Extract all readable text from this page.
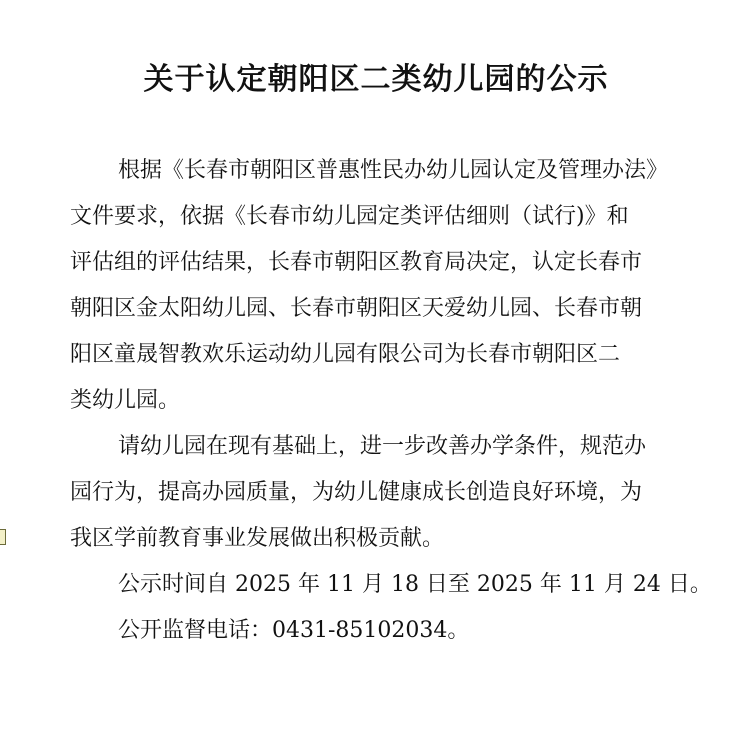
关于认定朝阳区二类幼儿园的公示
根据《长春市朝阳区普惠性民办幼儿园认定及管理办法》
文件要求，依据《长春市幼儿园定类评估细则（试行)》和
评估组的评估结果，长春市朝阳区教育局决定，认定长春市
朝阳区金太阳幼儿园、长春市朝阳区天爱幼儿园、长春市朝
阳区童晟智教欢乐运动幼儿园有限公司为长春市朝阳区二
类幼儿园。
请幼儿园在现有基础上，进一步改善办学条件，规范办
园行为，提高办园质量，为幼儿健康成长创造良好环境，为
我区学前教育事业发展做出积极贡献。
公示时间自 2025 年 11 月 18 日至 2025 年 11 月 24 日。
公开监督电话：0431-85102034。
